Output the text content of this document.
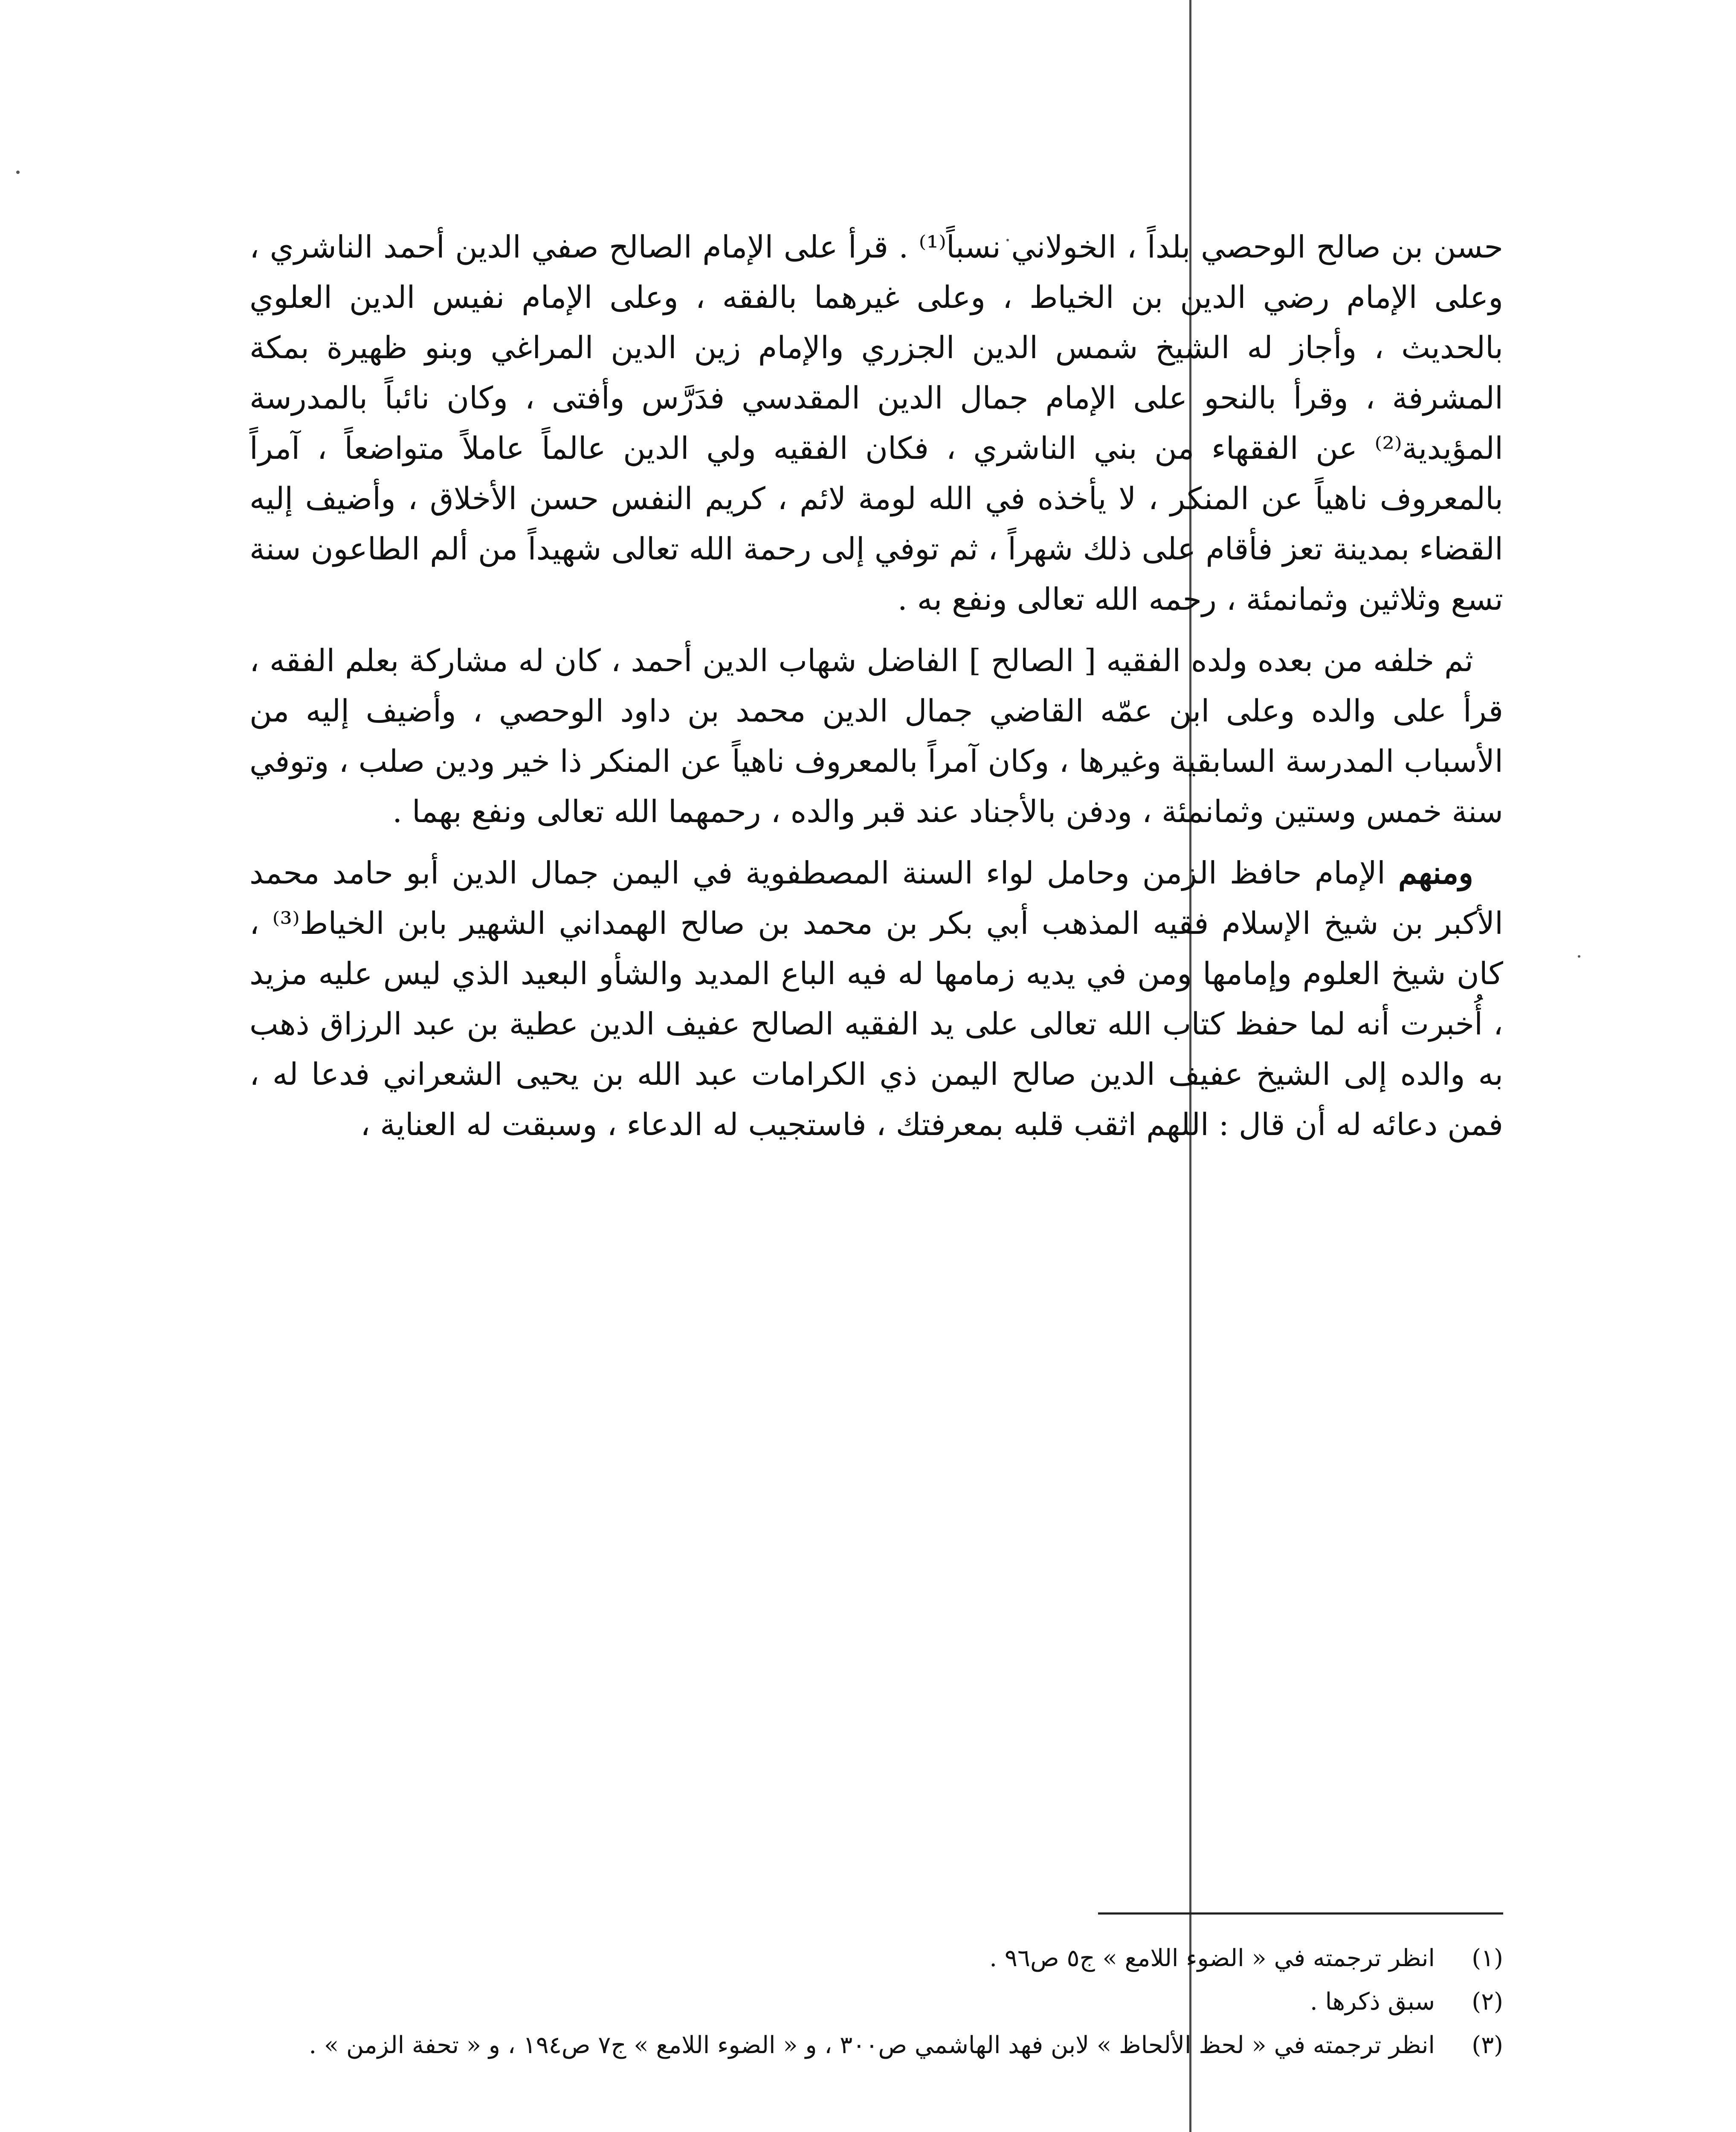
حسن بن صالح الوحصي بلداً ، الخولاني نسباً⁽¹⁾ . قرأ على الإمام الصالح صفي الدين أحمد الناشري ، وعلى الإمام رضي الدين بن الخياط ، وعلى غيرهما بالفقه ، وعلى الإمام نفيس الدين العلوي بالحديث ، وأجاز له الشيخ شمس الدين الجزري والإمام زين الدين المراغي وبنو ظهيرة بمكة المشرفة ، وقرأ بالنحو على الإمام جمال الدين المقدسي فدَرَّس وأفتى ، وكان نائباً بالمدرسة المؤيدية⁽²⁾ عن الفقهاء من بني الناشري ، فكان الفقيه ولي الدين عالماً عاملاً متواضعاً ، آمراً بالمعروف ناهياً عن المنكر ، لا يأخذه في الله لومة لائم ، كريم النفس حسن الأخلاق ، وأضيف إليه القضاء بمدينة تعز فأقام على ذلك شهراً ، ثم توفي إلى رحمة الله تعالى شهيداً من ألم الطاعون سنة تسع وثلاثين وثمانمئة ، رحمه الله تعالى ونفع به .

ثم خلفه من بعده ولده الفقيه [ الصالح ] الفاضل شهاب الدين أحمد ، كان له مشاركة بعلم الفقه ، قرأ على والده وعلى ابن عمّه القاضي جمال الدين محمد بن داود الوحصي ، وأضيف إليه من الأسباب المدرسة السابقية وغيرها ، وكان آمراً بالمعروف ناهياً عن المنكر ذا خير ودين صلب ، وتوفي سنة خمس وستين وثمانمئة ، ودفن بالأجناد عند قبر والده ، رحمهما الله تعالى ونفع بهما .

ومنهم الإمام حافظ الزمن وحامل لواء السنة المصطفوية في اليمن جمال الدين أبو حامد محمد الأكبر بن شيخ الإسلام فقيه المذهب أبي بكر بن محمد بن صالح الهمداني الشهير بابن الخياط⁽³⁾ ، كان شيخ العلوم وإمامها ومن في يديه زمامها له فيه الباع المديد والشأو البعيد الذي ليس عليه مزيد ، أُخبرت أنه لما حفظ كتاب الله تعالى على يد الفقيه الصالح عفيف الدين عطية بن عبد الرزاق ذهب به والده إلى الشيخ عفيف الدين صالح اليمن ذي الكرامات عبد الله بن يحيى الشعراني فدعا له ، فمن دعائه له أن قال : اللهم اثقب قلبه بمعرفتك ، فاستجيب له الدعاء ، وسبقت له العناية ،

(١)
انظر ترجمته في « الضوء اللامع » ج٥ ص٩٦ .
(٢)
سبق ذكرها .
(٣)
انظر ترجمته في « لحظ الألحاظ » لابن فهد الهاشمي ص٣٠٠ ، و « الضوء اللامع » ج٧ ص١٩٤ ، و « تحفة الزمن » .
